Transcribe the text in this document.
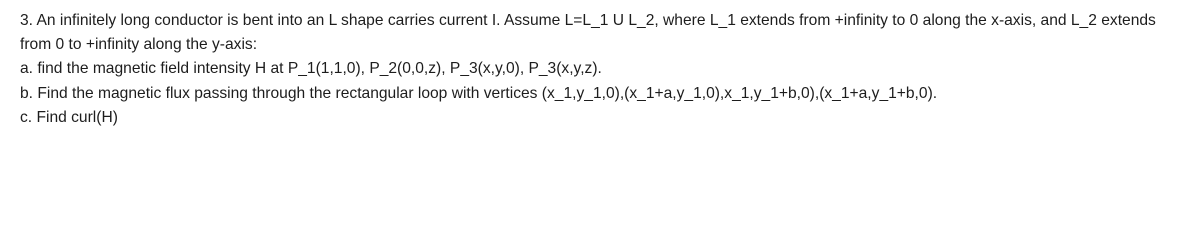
3. An infinitely long conductor is bent into an L shape carries current I. Assume L=L_1 U L_2, where L_1 extends from +infinity to 0 along the x-axis, and L_2 extends from 0 to +infinity along the y-axis:

a. find the magnetic field intensity H at P_1(1,1,0), P_2(0,0,z), P_3(x,y,0), P_3(x,y,z).

b. Find the magnetic flux passing through the rectangular loop with vertices (x_1,y_1,0),(x_1+a,y_1,0),x_1,y_1+b,0),(x_1+a,y_1+b,0).

c. Find curl(H)
